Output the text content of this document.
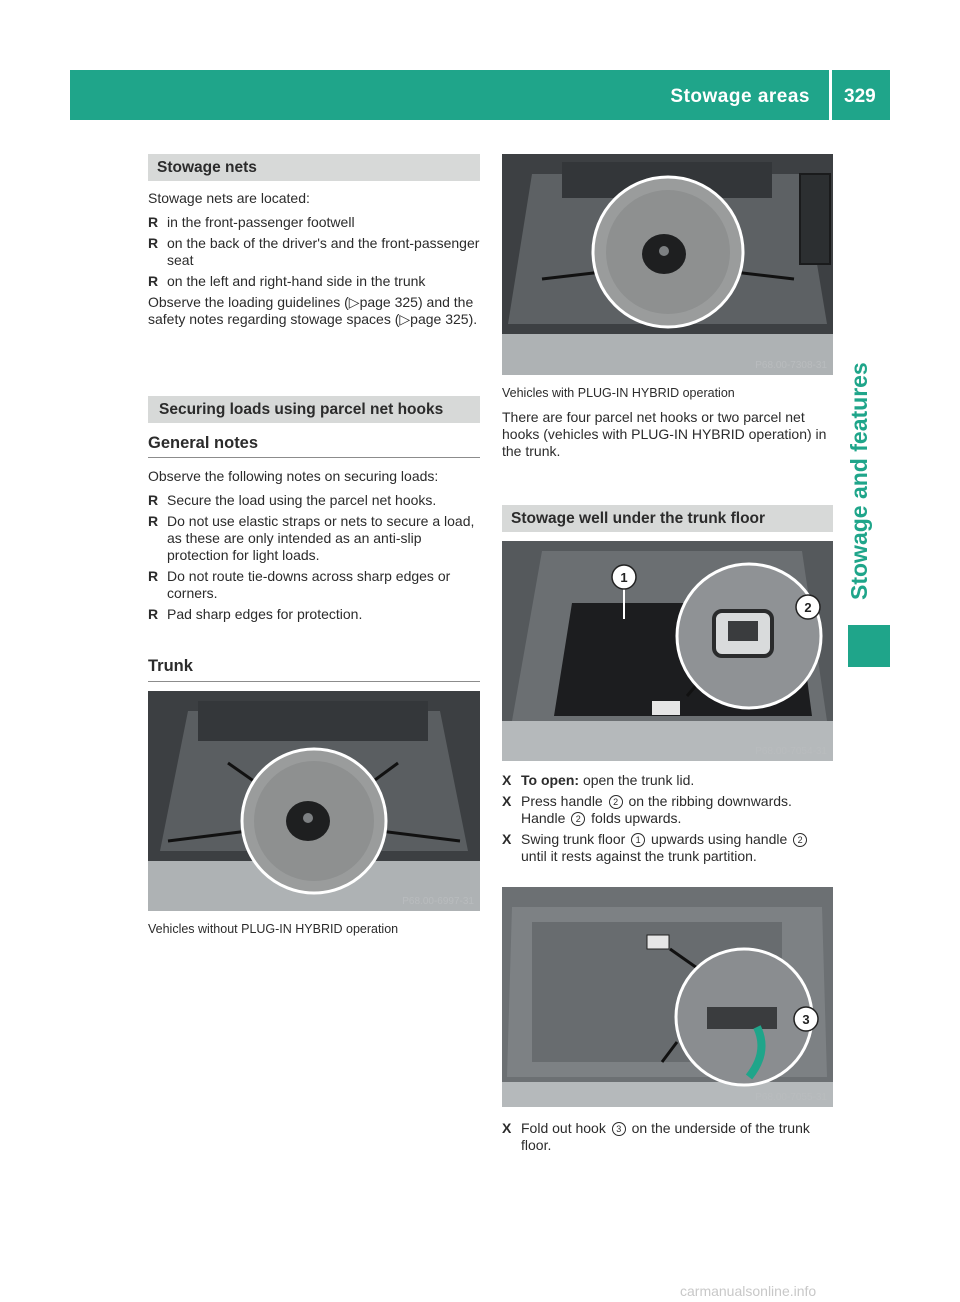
Stowage areas 329
Stowage and features
Stowage nets
Stowage nets are located:
R in the front-passenger footwell
R on the back of the driver's and the front-passenger seat
R on the left and right-hand side in the trunk
Observe the loading guidelines (▷page 325) and the safety notes regarding stowage spaces (▷page 325).
Securing loads using parcel net hooks
General notes
Observe the following notes on securing loads:
R Secure the load using the parcel net hooks.
R Do not use elastic straps or nets to secure a load, as these are only intended as an anti-slip protection for light loads.
R Do not route tie-downs across sharp edges or corners.
R Pad sharp edges for protection.
Trunk
P68.00-6997-31
Vehicles without PLUG-IN HYBRID operation
P68.00-7308-31
Vehicles with PLUG-IN HYBRID operation
There are four parcel net hooks or two parcel net hooks (vehicles with PLUG-IN HYBRID operation) in the trunk.
Stowage well under the trunk floor
1
2
P68.00-7054-31
X To open: open the trunk lid.
X Press handle 2 on the ribbing downwards. Handle 2 folds upwards.
X Swing trunk floor 1 upwards using handle 2 until it rests against the trunk partition.
3
P68.00-7055-31
X Fold out hook 3 on the underside of the trunk floor.
carmanualsonline.info
